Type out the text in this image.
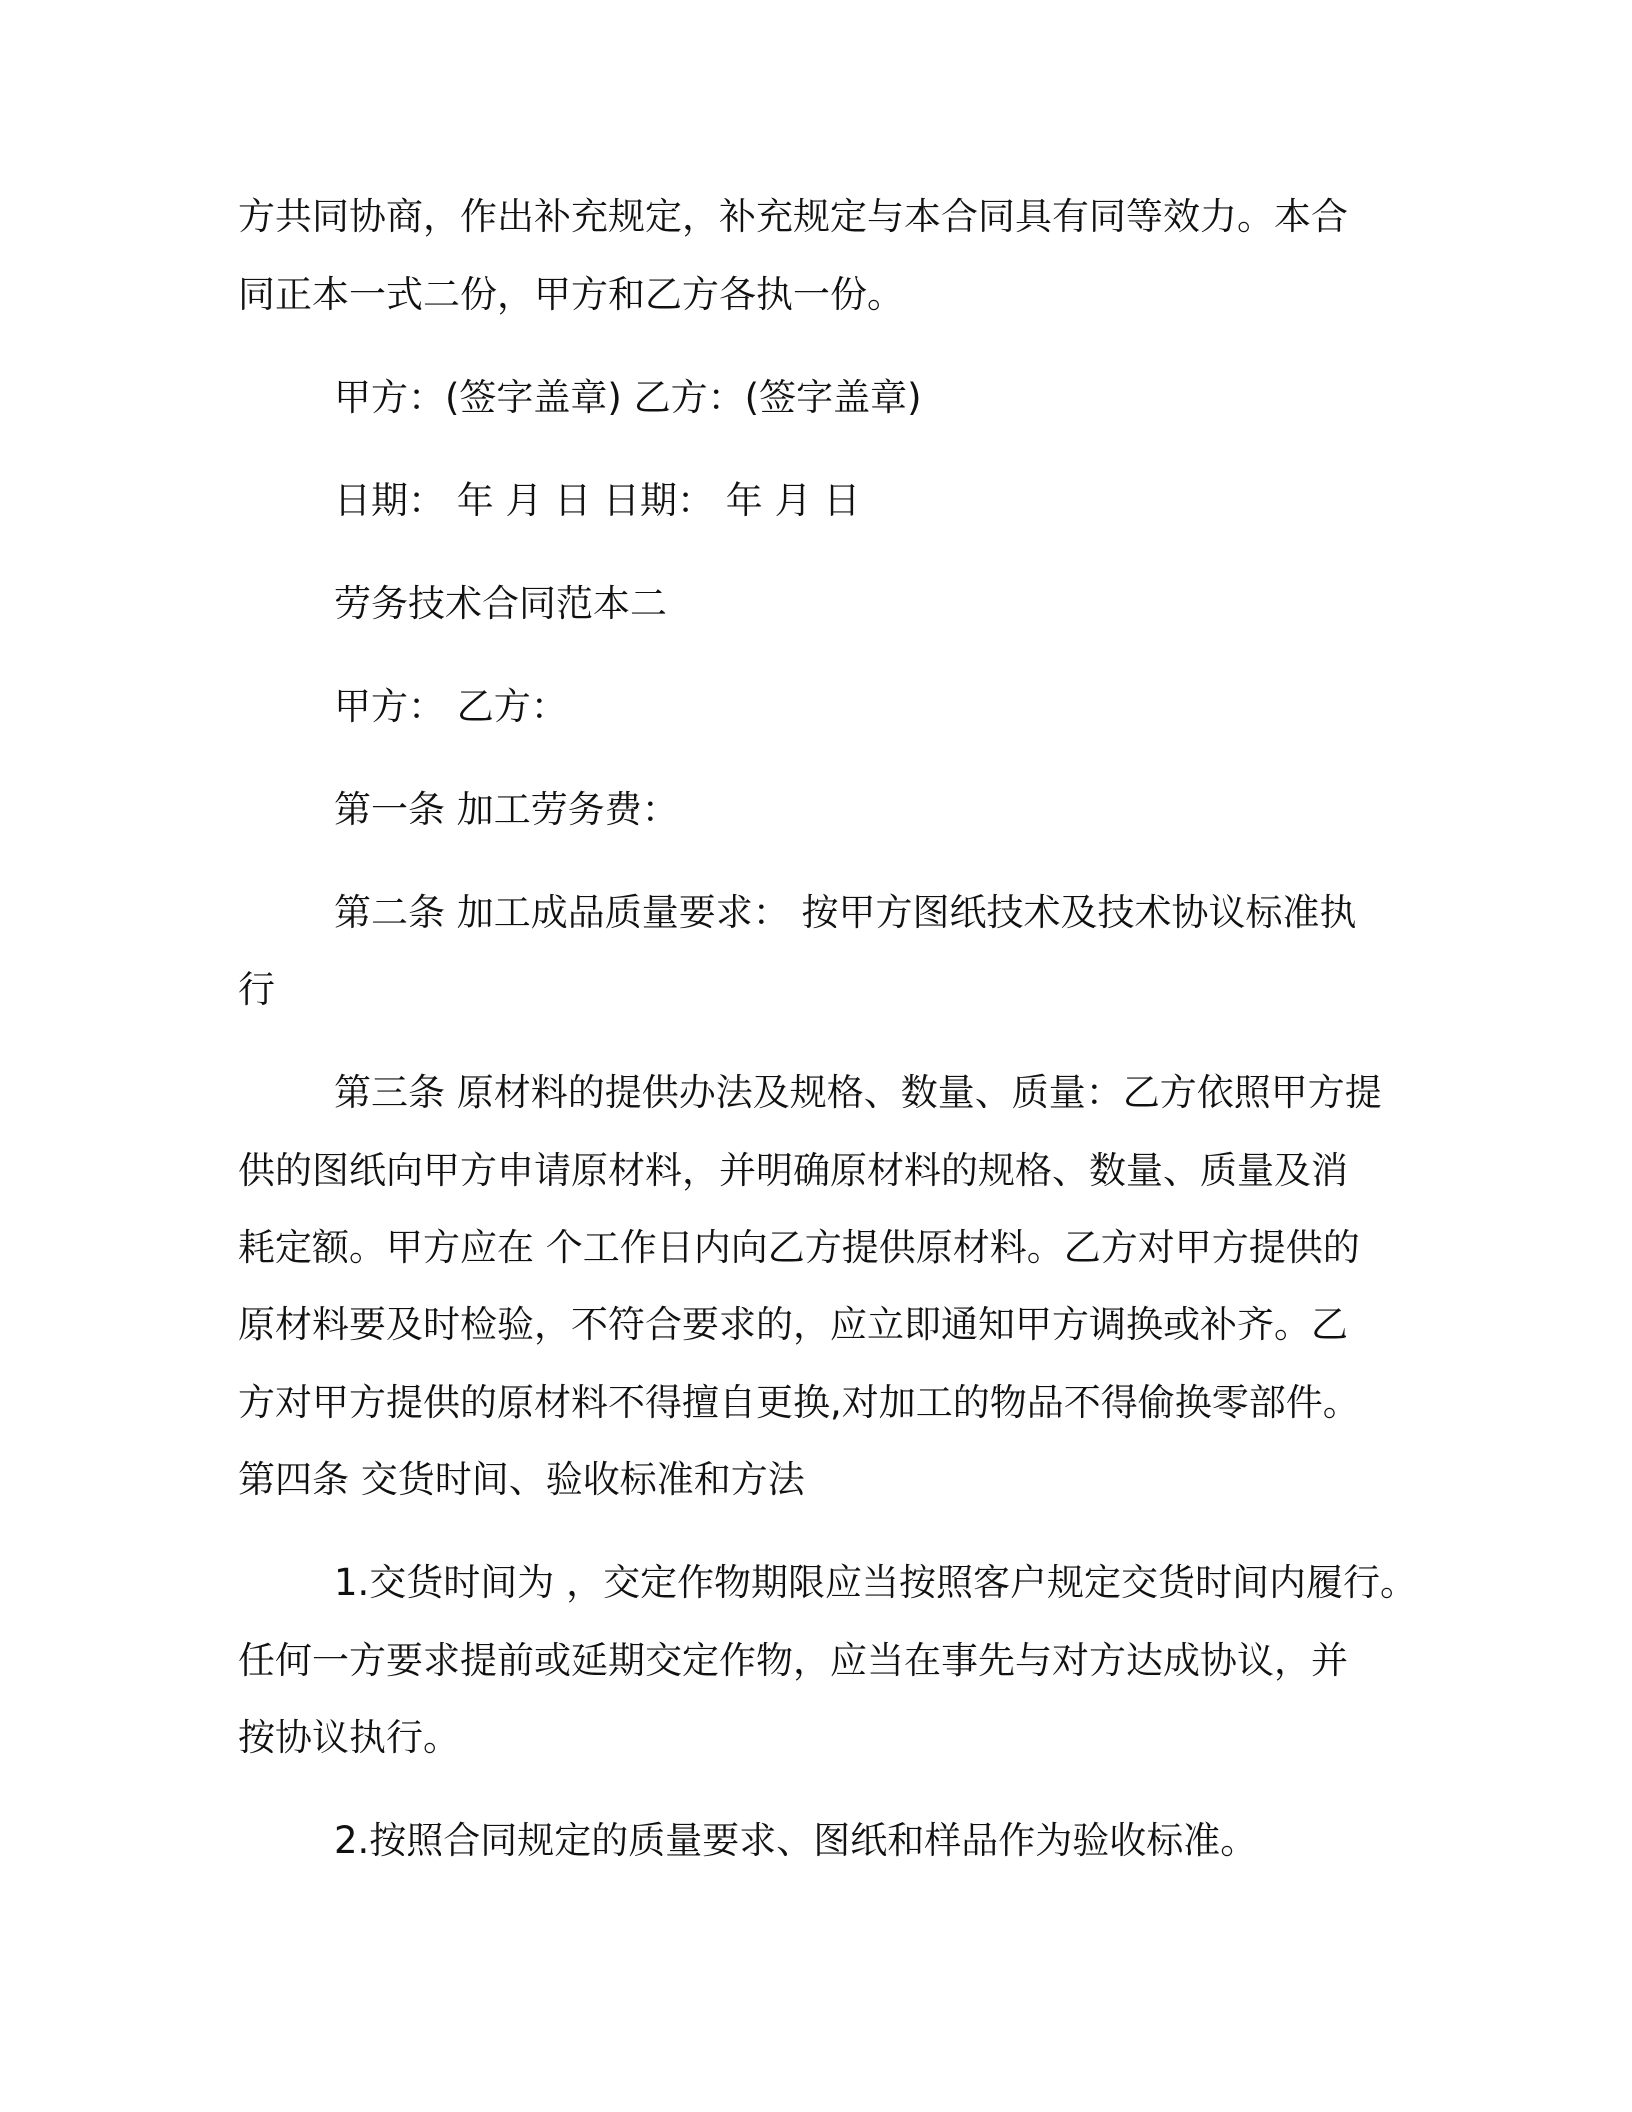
方共同协商，作出补充规定，补充规定与本合同具有同等效力。本合
同正本一式二份，甲方和乙方各执一份。
甲方：(签字盖章) 乙方：(签字盖章)
日期： 年 月 日 日期： 年 月 日
劳务技术合同范本二
甲方： 乙方：
第一条 加工劳务费：
第二条 加工成品质量要求： 按甲方图纸技术及技术协议标准执
行
第三条 原材料的提供办法及规格、数量、质量：乙方依照甲方提
供的图纸向甲方申请原材料，并明确原材料的规格、数量、质量及消
耗定额。甲方应在 个工作日内向乙方提供原材料。乙方对甲方提供的
原材料要及时检验，不符合要求的，应立即通知甲方调换或补齐。乙
方对甲方提供的原材料不得擅自更换,对加工的物品不得偷换零部件。
第四条 交货时间、验收标准和方法
1.交货时间为 ，交定作物期限应当按照客户规定交货时间内履行。
任何一方要求提前或延期交定作物，应当在事先与对方达成协议，并
按协议执行。
2.按照合同规定的质量要求、图纸和样品作为验收标准。
